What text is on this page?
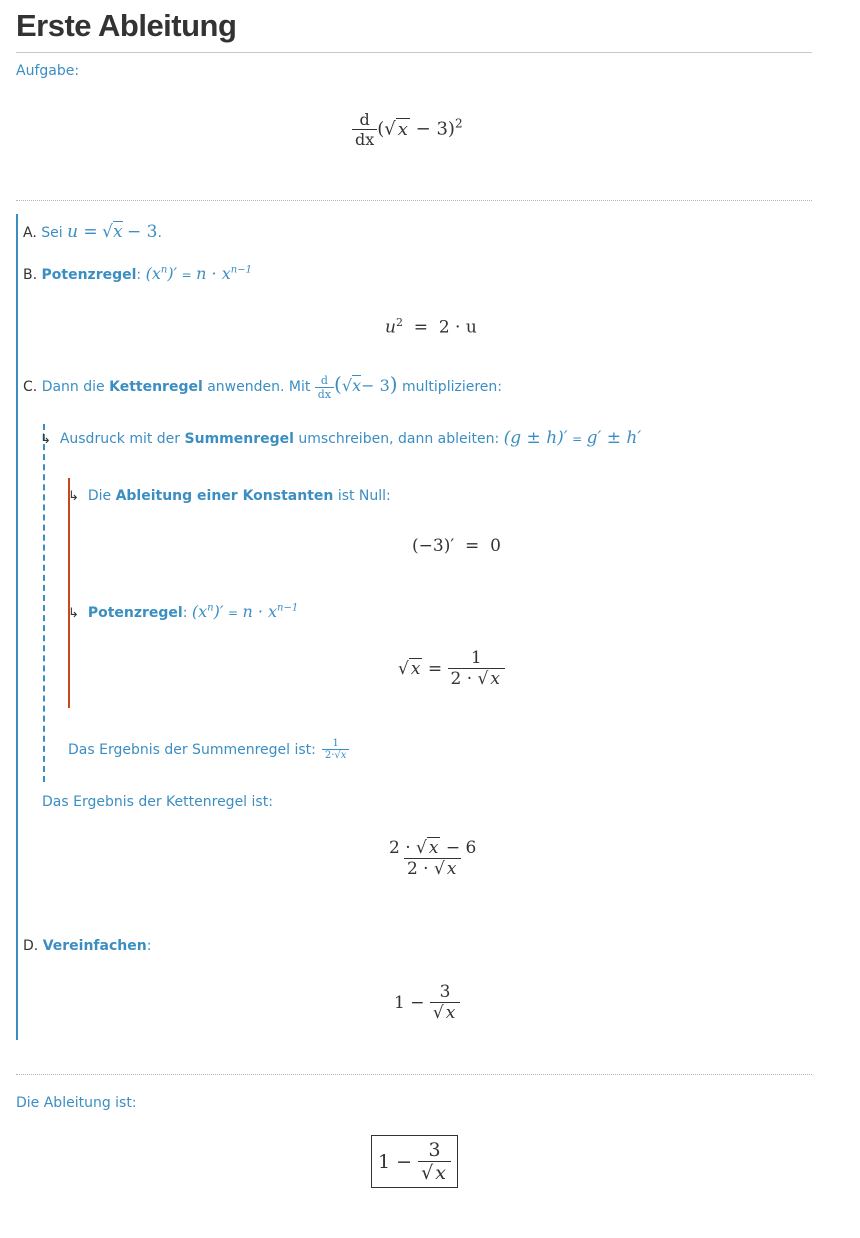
Erste Ableitung
Aufgabe:
$\frac{d}{dx}$ (√ x − 3)$^2$
A. Sei u = √x − 3.
B. Potenzregel: $(x^n)' = n \cdot x^{n-1}$
$u^2 = 2 \cdot u$
C. Dann die Kettenregel anwenden. Mit $\frac{d}{dx} (√x- 3)$ multiplizieren:
↳ Ausdruck mit der Summenregel umschreiben, dann ableiten: (g ± h)′ = g′ ± h′
↳ Die Ableitung einer Konstanten ist Null:
(−3)′ = 0
↳ Potenzregel: $(x^n)' = n \cdot x^{n-1}$
√ x
=
$\frac{1}{2 \cdot √ x}$
Das Ergebnis der Summenregel ist: $\frac{1}{2\cdot√x}$
Das Ergebnis der Kettenregel ist:
$\frac{2 \cdot √ x - 6}{2 \cdot √ x}$
D. Vereinfachen:
1 −
$\frac{3}{√ x}$
Die Ableitung ist:
1 −
$\frac{3}{√ x}$
